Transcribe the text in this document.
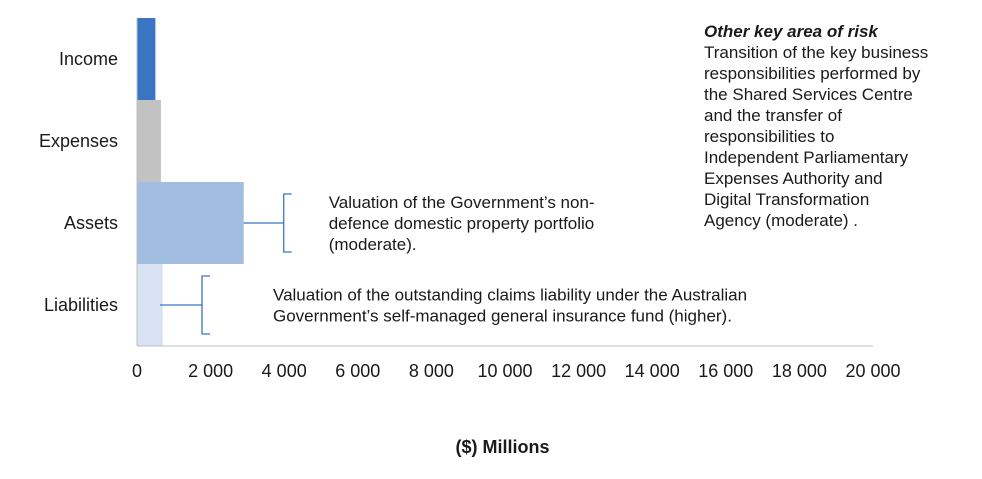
Income
Expenses
Assets
Liabilities
0	2 000 4 000 6 000 8 000 10 000 12 000 14 000 16 000 18 000 20 000
Valuation of the Government’s non-
defence domestic property portfolio
(moderate).
Valuation of the outstanding claims liability under the Australian
Government’s self-managed general insurance fund (higher).
Other key area of risk
Transition of the key business
responsibilities performed by
the Shared Services Centre
and the transfer of
responsibilities to
Independent Parliamentary
Expenses Authority and
Digital Transformation
Agency (moderate) .
($) Millions
